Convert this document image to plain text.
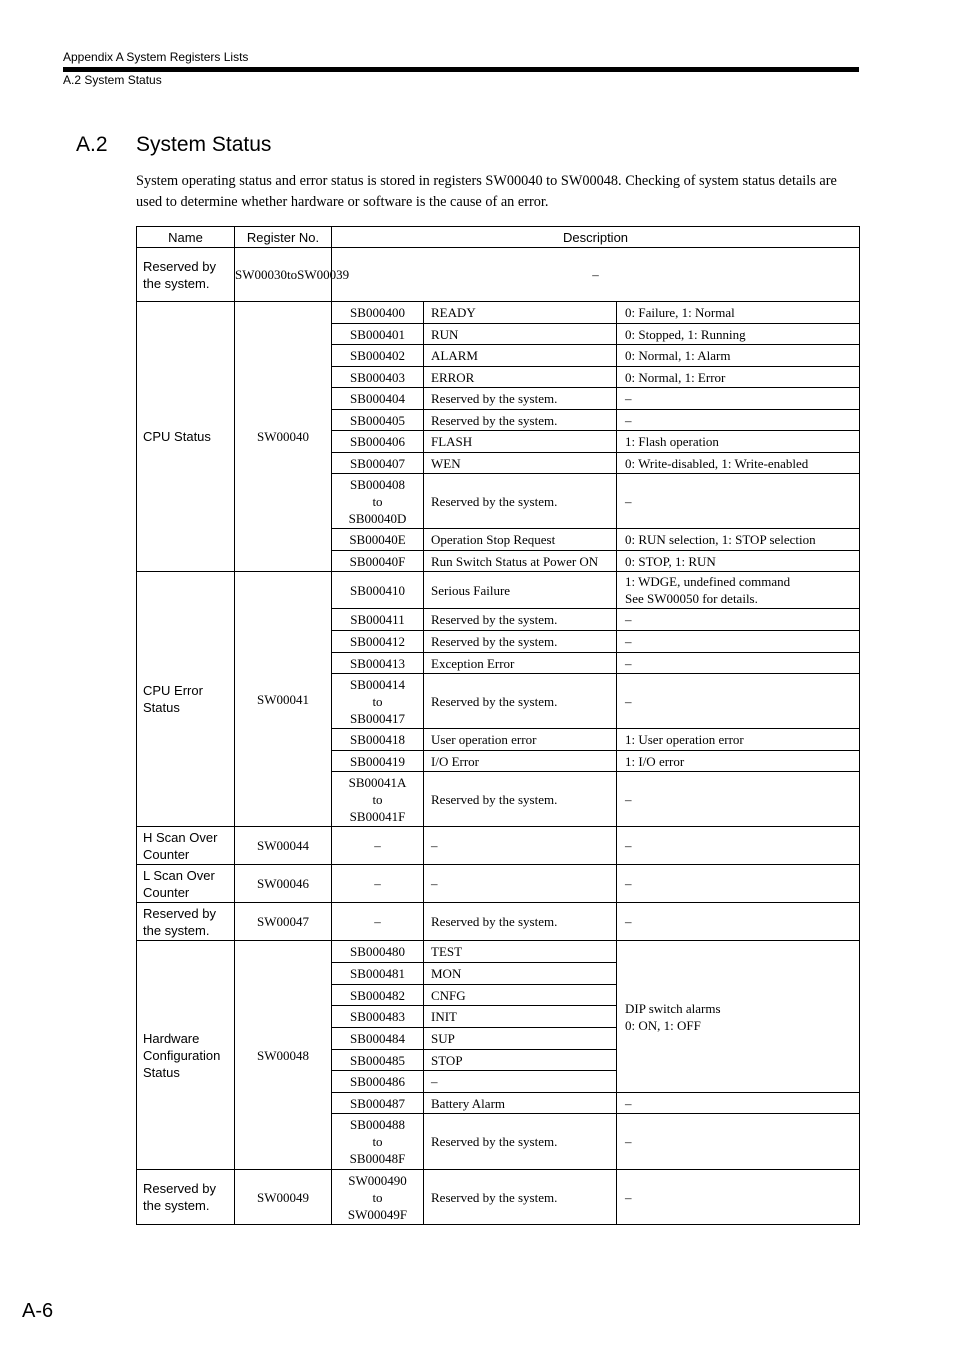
Appendix A System Registers Lists
A.2 System Status
A.2 System Status
System operating status and error status is stored in registers SW00040 to SW00048. Checking of system status details are used to determine whether hardware or software is the cause of an error.
Name	Register No.	Description		
Reserved by the system.	SW00030toSW00039	–		
CPU Status	SW00040	SB000400	READY	0: Failure, 1: Normal
		SB000401	RUN	0: Stopped, 1: Running
		SB000402	ALARM	0: Normal, 1: Alarm
		SB000403	ERROR	0: Normal, 1: Error
		SB000404	Reserved by the system.	–
		SB000405	Reserved by the system.	–
		SB000406	FLASH	1: Flash operation
		SB000407	WEN	0: Write-disabled, 1: Write-enabled

		SB000408
to
SB00040D	Reserved by the system.	–
		SB00040E	Operation Stop Request	0: RUN selection, 1: STOP selection
		SB00040F	Run Switch Status at Power ON	0: STOP, 1: RUN
CPU Error Status	SW00041	SB000410	Serious Failure	1: WDGE, undefined command
See SW00050 for details.
		SB000411	Reserved by the system.	–
		SB000412	Reserved by the system.	–
		SB000413	Exception Error	–

		SB000414
to
SB000417	Reserved by the system.	–
		SB000418	User operation error	1: User operation error
		SB000419	I/O Error	1: I/O error

		SB00041A
to
SB00041F	Reserved by the system.	–
H Scan Over Counter	SW00044	–	–	–
L Scan Over Counter	SW00046	–	–	–
Reserved by the system.	SW00047	–	Reserved by the system.	–
Hardware Configuration Status	SW00048	SB000480	TEST	DIP switch alarms
0: ON, 1: OFF
		SB000481	MON	
		SB000482	CNFG	
		SB000483	INIT	
		SB000484	SUP	
		SB000485	STOP	
		SB000486	–	
		SB000487	Battery Alarm	–

		SB000488
to
SB00048F	Reserved by the system.	–
Reserved by the system.	SW00049	SW000490
to
SW00049F	Reserved by the system.	–
A-6
